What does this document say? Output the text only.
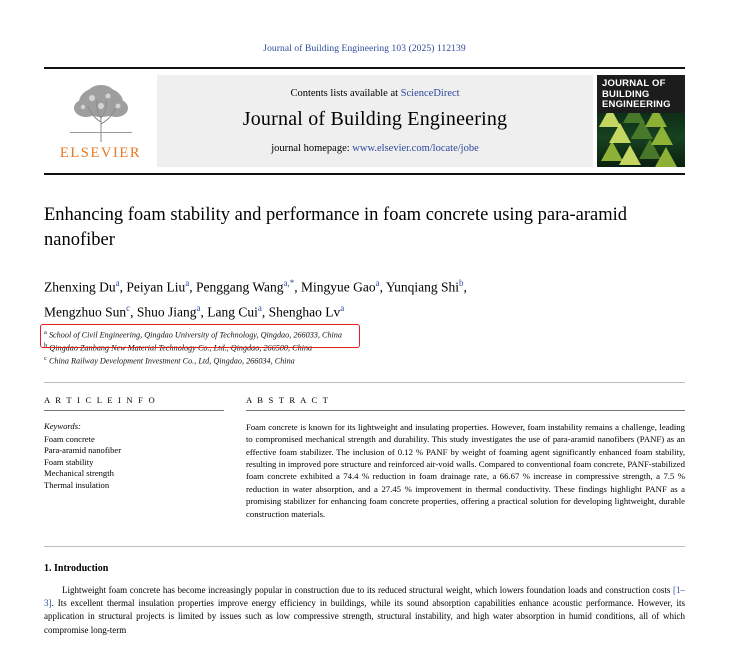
Journal of Building Engineering 103 (2025) 112139
ELSEVIER
Contents lists available at ScienceDirect
Journal of Building Engineering
journal homepage: www.elsevier.com/locate/jobe
JOURNAL OF
BUILDING
ENGINEERING
Enhancing foam stability and performance in foam concrete using para-aramid nanofiber
Zhenxing Du$^a$, Peiyan Liu$^a$, Penggang Wang$^{a,*}$, Mingyue Gao$^a$, Yunqiang Shi$^b$,
Mengzhuo Sun$^c$, Shuo Jiang$^a$, Lang Cui$^a$, Shenghao Lv$^a$
$^a$ School of Civil Engineering, Qingdao University of Technology, Qingdao, 266033, China
$^b$ Qingdao Zanbang New Material Technology Co., Ltd., Qingdao, 266500, China
$^c$ China Railway Development Investment Co., Ltd, Qingdao, 266034, China
A R T I C L E I N F O
Keywords:
Foam concrete
Para-aramid nanofiber
Foam stability
Mechanical strength
Thermal insulation
A B S T R A C T
Foam concrete is known for its lightweight and insulating properties. However, foam instability remains a challenge, leading to compromised mechanical strength and durability. This study investigates the use of para-aramid nanofibers (PANF) as an effective foam stabilizer. The inclusion of 0.12 % PANF by weight of foaming agent significantly enhanced foam stability, resulting in improved pore structure and reinforced air-void walls. Compared to conventional foam concrete, PANF-stabilized foam concrete exhibited a 74.4 % reduction in foam drainage rate, a 66.67 % increase in compressive strength, a 7.5 % reduction in water absorption, and a 27.45 % improvement in thermal conductivity. These findings highlight PANF as a promising stabilizer for enhancing foam concrete properties, offering a practical solution for developing lightweight, durable construction materials.
1. Introduction
Lightweight foam concrete has become increasingly popular in construction due to its reduced structural weight, which lowers foundation loads and construction costs [1–3]. Its excellent thermal insulation properties improve energy efficiency in buildings, while its sound absorption capabilities enhance acoustic performance. However, its application in structural projects is limited by issues such as low compressive strength, structural instability, and high water absorption in humid conditions, all of which compromise long-term
